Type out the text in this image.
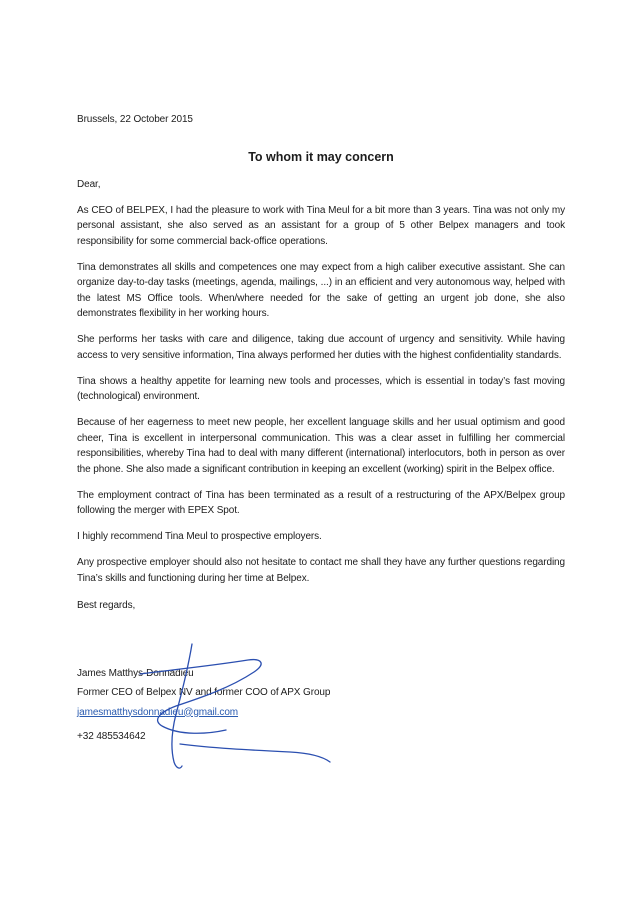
Brussels, 22 October 2015

To whom it may concern

Dear,

As CEO of BELPEX, I had the pleasure to work with Tina Meul for a bit more than 3 years. Tina was not only my personal assistant, she also served as an assistant for a group of 5 other Belpex managers and took responsibility for some commercial back-office operations.

Tina demonstrates all skills and competences one may expect from a high caliber executive assistant. She can organize day-to-day tasks (meetings, agenda, mailings, ...) in an efficient and very autonomous way, helped with the latest MS Office tools. When/where needed for the sake of getting an urgent job done, she also demonstrates flexibility in her working hours.

She performs her tasks with care and diligence, taking due account of urgency and sensitivity. While having access to very sensitive information, Tina always performed her duties with the highest confidentiality standards.

Tina shows a healthy appetite for learning new tools and processes, which is essential in today’s fast moving (technological) environment.

Because of her eagerness to meet new people, her excellent language skills and her usual optimism and good cheer, Tina is excellent in interpersonal communication. This was a clear asset in fulfilling her commercial responsibilities, whereby Tina had to deal with many different (international) interlocutors, both in person as over the phone. She also made a significant contribution in keeping an excellent (working) spirit in the Belpex office.

The employment contract of Tina has been terminated as a result of a restructuring of the APX/Belpex group following the merger with EPEX Spot.

I highly recommend Tina Meul to prospective employers.

Any prospective employer should also not hesitate to contact me shall they have any further questions regarding Tina’s skills and functioning during her time at Belpex.

Best regards,

James Matthys-Donnadieu

Former CEO of Belpex NV and former COO of APX Group

jamesmatthysdonnadieu@gmail.com

+32 485534642
